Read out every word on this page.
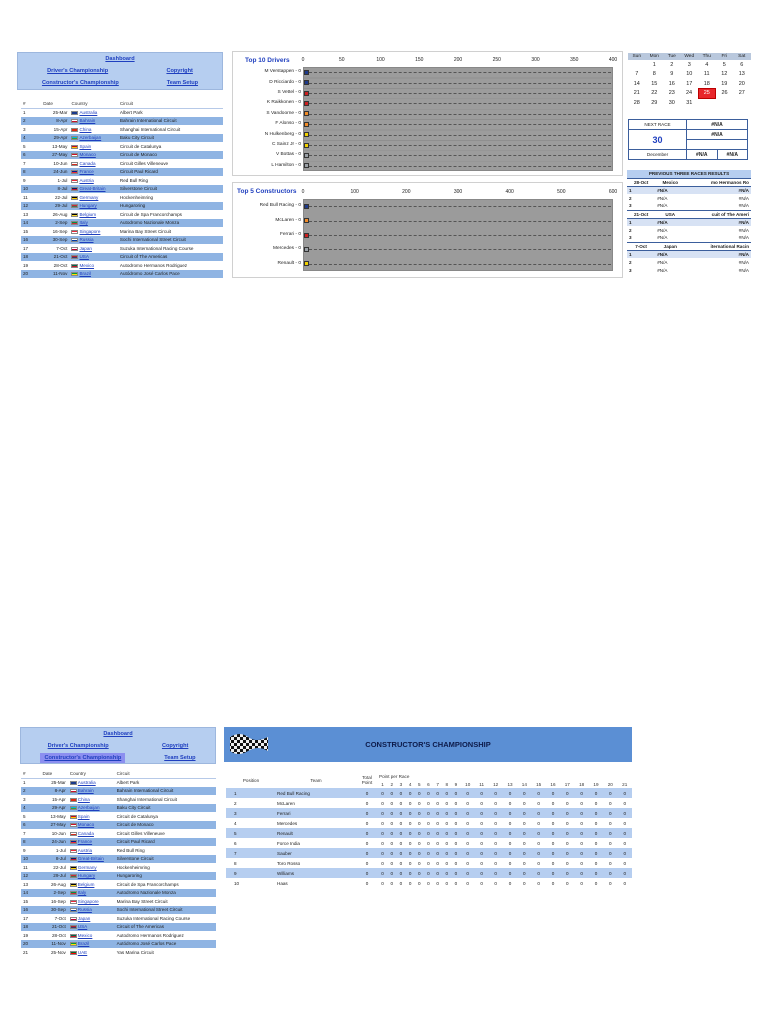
Dashboard
Driver's Championship	Copyright
Constructor's Championship	Team Setup
#	Date	Country	Circuit
1	25-Mar	Australia	Albert Park
2	8-Apr	Bahrain	Bahrain International Circuit
3	15-Apr	China	Shanghai International Circuit
4	29-Apr	Azerbaijan	Baku City Circuit
5	13-May	Spain	Circuit de Catalunya
6	27-May	Monaco	Circuit de Monaco
7	10-Jun	Canada	Circuit Gilles Villeneuve
8	24-Jun	France	Circuit Paul Ricard
9	1-Jul	Austria	Red Bull Ring
10	8-Jul	Great-Britain	Silverstone Circuit
11	22-Jul	Germany	Hockenheimring
12	29-Jul	Hungary	Hungaroring
13	26-Aug	Belgium	Circuit de Spa Francorchamps
14	2-Sep	Italy	Autodromo Nazionale Monza
15	16-Sep	Singapore	Marina Bay Street Circuit
16	30-Sep	Russia	Sochi International Street Circuit
17	7-Oct	Japan	Suzuka International Racing Course
18	21-Oct	USA	Circuit of The Americas
19	28-Oct	Mexico	Autodromo Hermanos Rodriguez
20	11-Nov	Brazil	Autódromo José Carlos Pace
Top 10 Drivers	0	50	100	150	200	250	300	350	400
M Verstappen - 0
D Ricciardo - 0
S Vettel - 0
K Raikkonen - 0
S Vandoorne - 0
F Alonso - 0
N Hulkenberg - 0
C Sainz Jr - 0
V Bottas - 0
L Hamilton - 0
Top 5 Constructors	0	100	200	300	400	500	600
Red Bull Racing - 0
McLaren - 0
Ferrari - 0
Mercedes - 0
Renault - 0
Sun	Mon	Tue	Wed	Thu	Fri	Sat
	1	2	3	4	5	6
7	8	9	10	11	12	13
14	15	16	17	18	19	20
21	22	23	24	25	26	27
28	29	30	31			
NEXT RACE	#N/A	
30	#N/A	

December	#N/A	#N/A
PREVIOUS THREE RACES RESULTS		
28-Oct	Mexico	mo Hermanos Ro
1	#N/A	#N/A
2	#N/A	#N/A
3	#N/A	#N/A
21-Oct	USA	cuit of The Ameri
1	#N/A	#N/A
2	#N/A	#N/A
3	#N/A	#N/A
7-Oct	Japan	iternational Racin
1	#N/A	#N/A
2	#N/A	#N/A
3	#N/A	#N/A
Dashboard
Driver's Championship	Copyright
Constructor's Championship	Team Setup
#	Date	Country	Circuit
1	25-Mar	Australia	Albert Park
2	8-Apr	Bahrain	Bahrain International Circuit
3	15-Apr	China	Shanghai International Circuit
4	29-Apr	Azerbaijan	Baku City Circuit
5	13-May	Spain	Circuit de Catalunya
6	27-May	Monaco	Circuit de Monaco
7	10-Jun	Canada	Circuit Gilles Villeneuve
8	24-Jun	France	Circuit Paul Ricard
9	1-Jul	Austria	Red Bull Ring
10	8-Jul	Great-Britain	Silverstone Circuit
11	22-Jul	Germany	Hockenheimring
12	29-Jul	Hungary	Hungaroring
13	26-Aug	Belgium	Circuit de Spa Francorchamps
14	2-Sep	Italy	Autodromo Nazionale Monza
15	16-Sep	Singapore	Marina Bay Street Circuit
16	30-Sep	Russia	Sochi International Street Circuit
17	7-Oct	Japan	Suzuka International Racing Course
18	21-Oct	USA	Circuit of The Americas
19	28-Oct	Mexico	Autodromo Hermanos Rodriguez
20	11-Nov	Brazil	Autódromo José Carlos Pace
21	25-Nov	UAE	Yas Marina Circuit
CONSTRUCTOR'S CHAMPIONSHIP
Position	Team	Total Point	Point per Race																				
			1	2	3	4	5	6	7	8	9	10	11	12	13	14	15	16	17	18	19	20	21
1	Red Bull Racing	0	0	0	0	0	0	0	0	0	0	0	0	0	0	0	0	0	0	0	0	0	0
2	McLaren	0	0	0	0	0	0	0	0	0	0	0	0	0	0	0	0	0	0	0	0	0	0
3	Ferrari	0	0	0	0	0	0	0	0	0	0	0	0	0	0	0	0	0	0	0	0	0	0
4	Mercedes	0	0	0	0	0	0	0	0	0	0	0	0	0	0	0	0	0	0	0	0	0	0
5	Renault	0	0	0	0	0	0	0	0	0	0	0	0	0	0	0	0	0	0	0	0	0	0
6	Force India	0	0	0	0	0	0	0	0	0	0	0	0	0	0	0	0	0	0	0	0	0	0
7	Sauber	0	0	0	0	0	0	0	0	0	0	0	0	0	0	0	0	0	0	0	0	0	0
8	Toro Rosso	0	0	0	0	0	0	0	0	0	0	0	0	0	0	0	0	0	0	0	0	0	0
9	Williams	0	0	0	0	0	0	0	0	0	0	0	0	0	0	0	0	0	0	0	0	0	0
10	Haas	0	0	0	0	0	0	0	0	0	0	0	0	0	0	0	0	0	0	0	0	0	0
